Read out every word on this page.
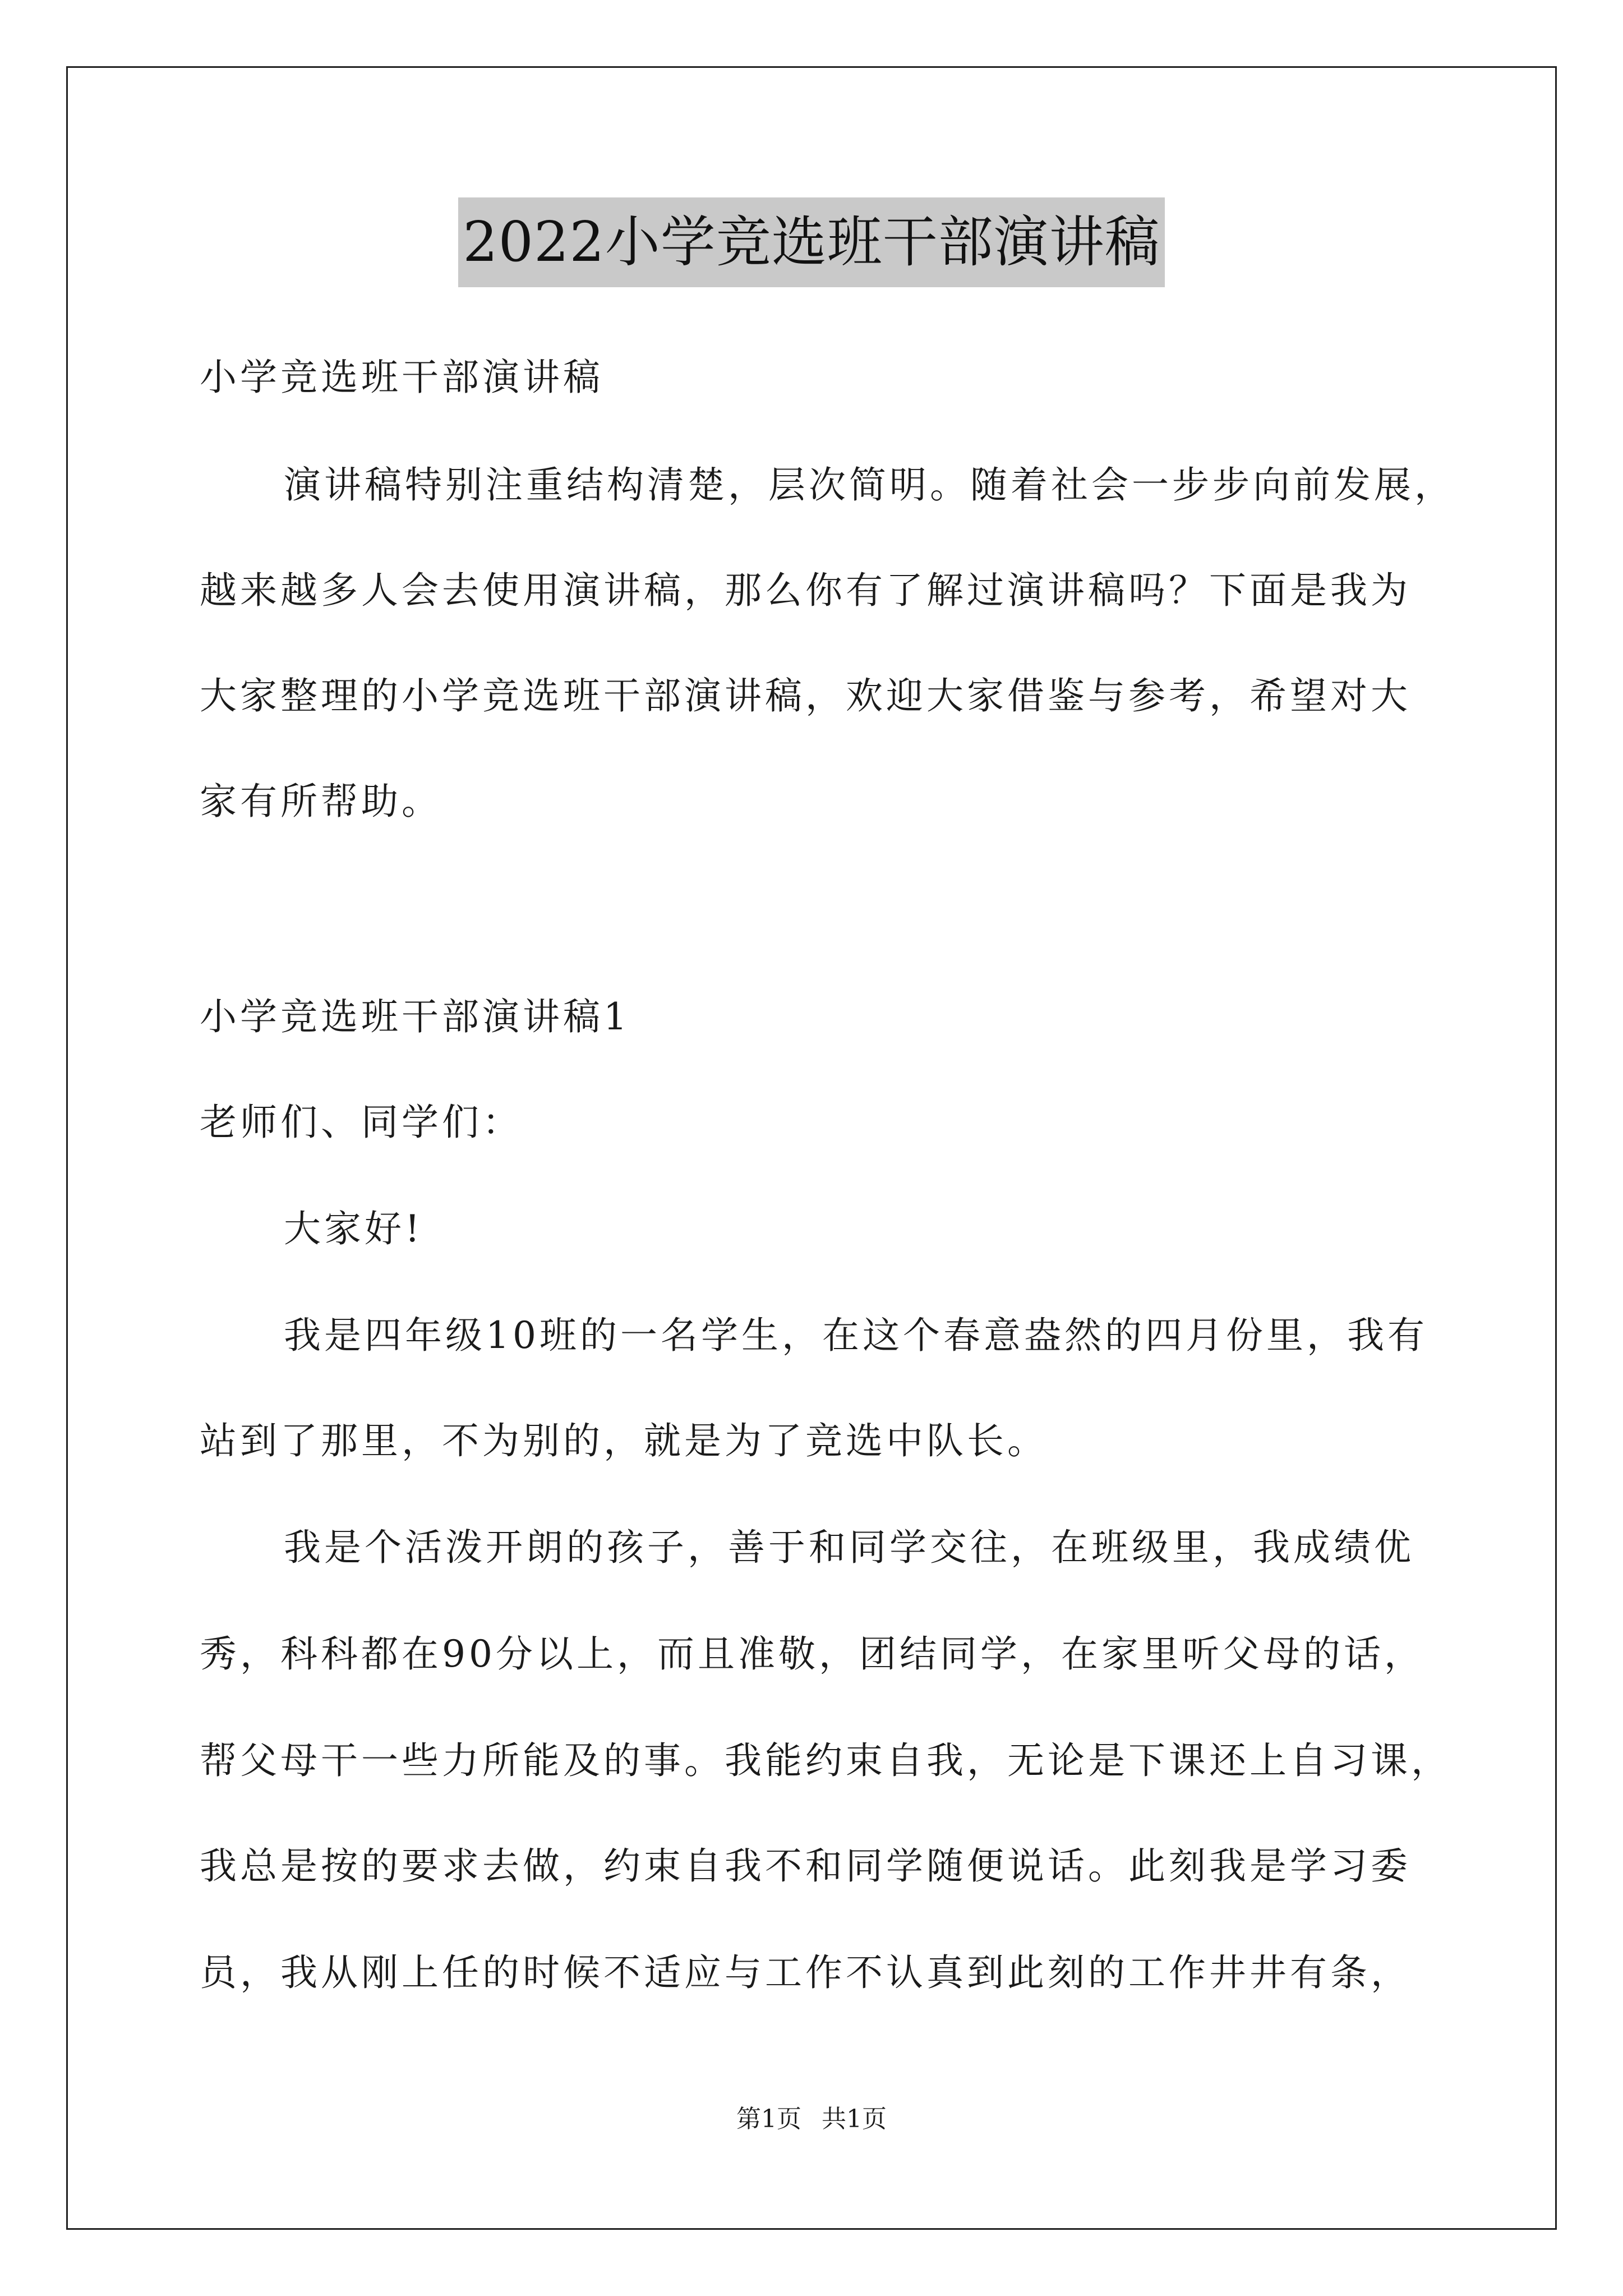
2022小学竞选班干部演讲稿
小学竞选班干部演讲稿
演讲稿特别注重结构清楚，层次简明。随着社会一步步向前发展，
越来越多人会去使用演讲稿，那么你有了解过演讲稿吗？下面是我为
大家整理的小学竞选班干部演讲稿，欢迎大家借鉴与参考，希望对大
家有所帮助。
小学竞选班干部演讲稿1
老师们、同学们：
大家好!
我是四年级10班的一名学生，在这个春意盎然的四月份里，我有
站到了那里，不为别的，就是为了竞选中队长。
我是个活泼开朗的孩子，善于和同学交往，在班级里，我成绩优
秀，科科都在90分以上，而且准敬，团结同学，在家里听父母的话，
帮父母干一些力所能及的事。我能约束自我，无论是下课还上自习课，
我总是按的要求去做，约束自我不和同学随便说话。此刻我是学习委
员，我从刚上任的时候不适应与工作不认真到此刻的工作井井有条，
第1页 共1页
